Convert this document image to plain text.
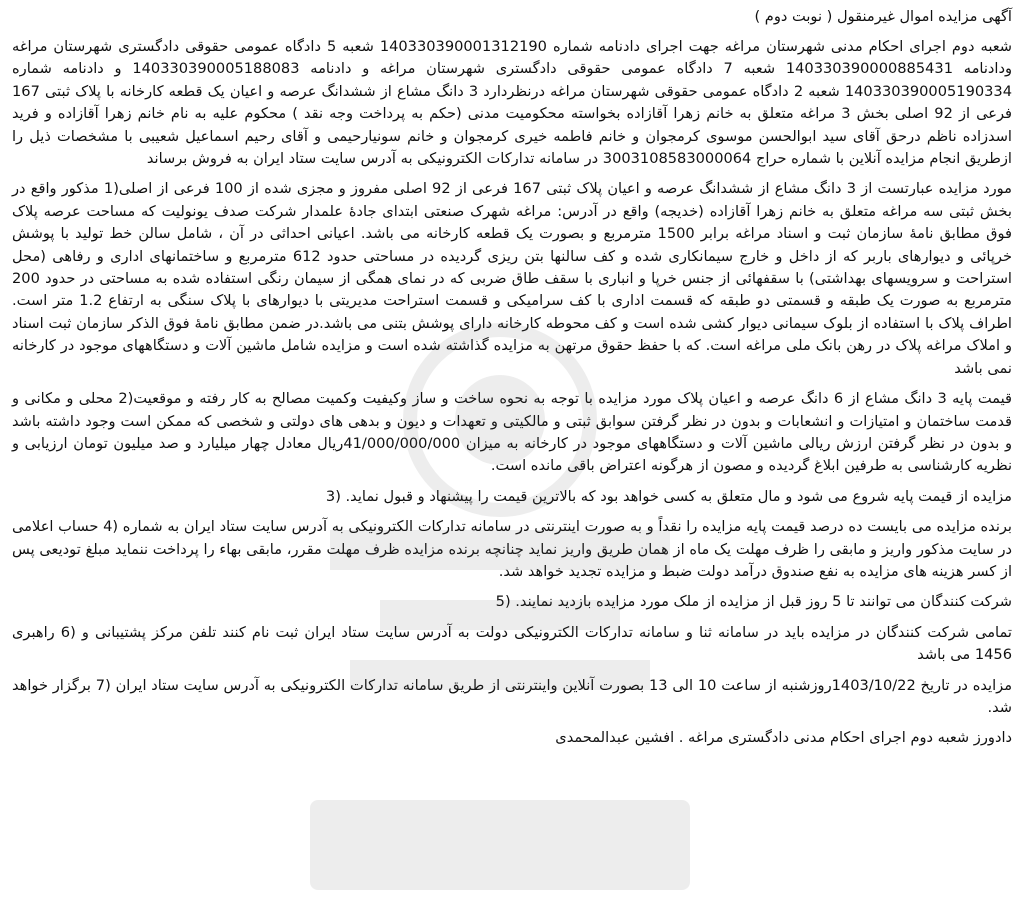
آگهی مزایده اموال غیرمنقول ( نوبت دوم )

شعبه دوم اجرای احکام مدنی شهرستان مراغه جهت اجرای دادنامه شماره 140330390001312190 شعبه 5 دادگاه عمومی حقوقی دادگستری شهرستان مراغه ودادنامه 140330390000885431 شعبه 7 دادگاه عمومی حقوقی دادگستری شهرستان مراغه و دادنامه 140330390005188083 و دادنامه شماره 140330390005190334 شعبه 2 دادگاه عمومی حقوقی شهرستان مراغه درنظردارد 3 دانگ مشاع از ششدانگ عرصه و اعیان یک قطعه کارخانه با پلاک ثبتی 167 فرعی از 92 اصلی بخش 3 مراغه متعلق به خانم زهرا آقازاده بخواسته محکومیت مدنی (حکم به پرداخت وجه نقد ) محکوم علیه به نام خانم زهرا آقازاده و فرید اسدزاده ناظم درحق آقای سید ابوالحسن موسوی کرمجوان و خانم فاطمه خیری کرمجوان و خانم سونیارحیمی و آقای رحیم اسماعیل شعیبی با مشخصات ذیل را ازطریق انجام مزایده آنلاین با شماره حراج 3003108583000064 در سامانه تدارکات الکترونیکی به آدرس سایت ستاد ایران به فروش برساند

مورد مزایده عبارتست از 3 دانگ مشاع از ششدانگ عرصه و اعیان پلاک ثبتی 167 فرعی از 92 اصلی مفروز و مجزی شده از 100 فرعی از اصلی(1 مذکور واقع در بخش ثبتی سه مراغه متعلق به خانم زهرا آقازاده (خدیجه) واقع در آدرس: مراغه شهرک صنعتی ابتدای جادهٔ علمدار شرکت صدف یونولیت که مساحت عرصه پلاک فوق مطابق نامهٔ سازمان ثبت و اسناد مراغه برابر 1500 مترمربع و بصورت یک قطعه کارخانه می باشد. اعیانی احداثی در آن ، شامل سالن خط تولید با پوشش خرپائی و دیوارهای باربر که از داخل و خارج سیمانکاری شده و کف سالنها بتن ریزی گردیده در مساحتی حدود 612 مترمربع و ساختمانهای اداری و رفاهی (محل استراحت و سرویسهای بهداشتی) با سقفهائی از جنس خرپا و انباری با سقف طاق ضربی که در نمای همگی از سیمان رنگی استفاده شده به مساحتی در حدود 200 مترمربع به صورت یک طبقه و قسمتی دو طبقه که قسمت اداری با کف سرامیکی و قسمت استراحت مدیریتی با دیوارهای با پلاک سنگی به ارتفاع 1.2 متر است. اطراف پلاک با استفاده از بلوک سیمانی دیوار کشی شده است و کف محوطه کارخانه دارای پوشش بتنی می باشد.در ضمن مطابق نامهٔ فوق الذکر سازمان ثبت اسناد و املاک مراغه پلاک در رهن بانک ملی مراغه است. که با حفظ حقوق مرتهن به مزایده گذاشته شده است و مزایده شامل ماشین آلات و دستگاههای موجود در کارخانه نمی باشد

قیمت پایه 3 دانگ مشاع از 6 دانگ عرصه و اعیان پلاک مورد مزایده با توجه به نحوه ساخت و ساز وکیفیت وکمیت مصالح به کار رفته و موقعیت(2 محلی و مکانی و قدمت ساختمان و امتیازات و انشعابات و بدون در نظر گرفتن سوابق ثبتی و مالکیتی و تعهدات و دیون و بدهی های دولتی و شخصی که ممکن است وجود داشته باشد و بدون در نظر گرفتن ارزش ریالی ماشین آلات و دستگاههای موجود در کارخانه به میزان 41/000/000/000ریال معادل چهار میلیارد و صد میلیون تومان ارزیابی و نظریه کارشناسی به طرفین ابلاغ گردیده و مصون از هرگونه اعتراض باقی مانده است.

مزایده از قیمت پایه شروع می شود و مال متعلق به کسی خواهد بود که بالاترین قیمت را پیشنهاد و قبول نماید. (3

برنده مزایده می بایست ده درصد قیمت پایه مزایده را نقداً و به صورت اینترنتی در سامانه تدارکات الکترونیکی به آدرس سایت ستاد ایران به شماره (4 حساب اعلامی در سایت مذکور واریز و مابقی را ظرف مهلت یک ماه از همان طریق واریز نماید چنانچه برنده مزایده ظرف مهلت مقرر، مابقی بهاء را پرداخت ننماید مبلغ تودیعی پس از کسر هزینه های مزایده به نفع صندوق درآمد دولت ضبط و مزایده تجدید خواهد شد.

شرکت کنندگان می توانند تا 5 روز قبل از مزایده از ملک مورد مزایده بازدید نمایند. (5

تمامی شرکت کنندگان در مزایده باید در سامانه ثنا و سامانه تدارکات الکترونیکی دولت به آدرس سایت ستاد ایران ثبت نام کنند تلفن مرکز پشتیبانی و (6 راهبری 1456 می باشد

مزایده در تاریخ 1403/10/22روزشنبه از ساعت 10 الی 13 بصورت آنلاین واینترنتی از طریق سامانه تدارکات الکترونیکی به آدرس سایت ستاد ایران (7 برگزار خواهد شد.

دادورز شعبه دوم اجرای احکام مدنی دادگستری مراغه . افشین عبدالمحمدی
